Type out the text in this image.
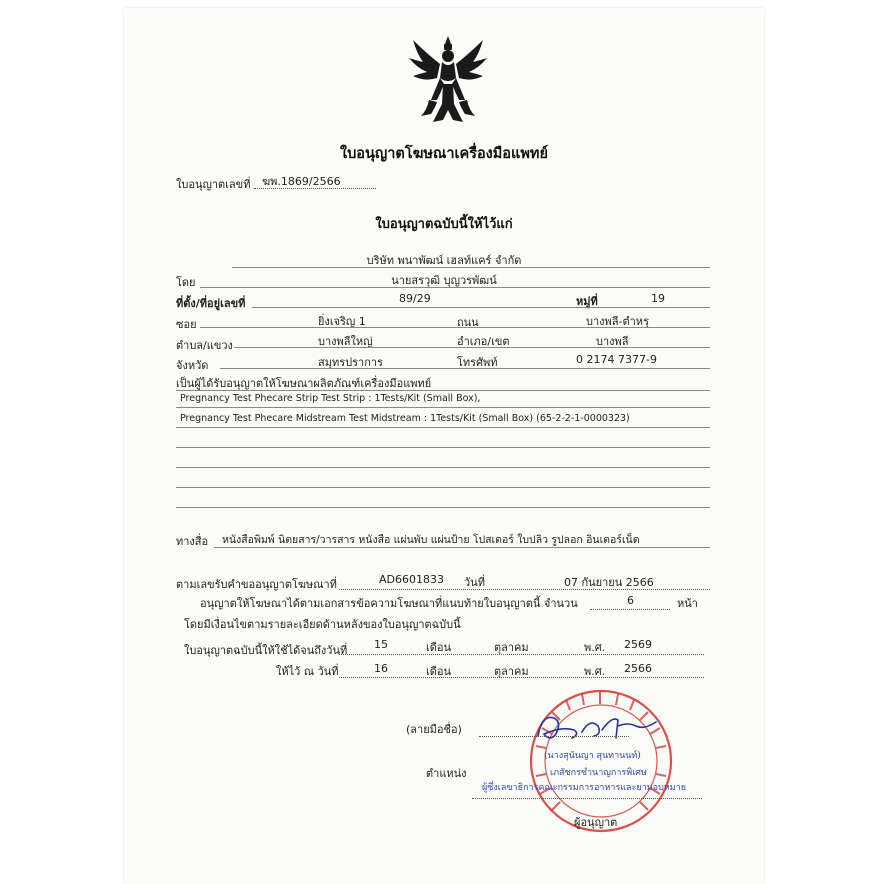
ใบอนุญาตโฆษณาเครื่องมือแพทย์
ใบอนุญาตเลขที่ ฆพ.1869/2566
ใบอนุญาตฉบับนี้ให้ไว้แก่
บริษัท พนาพัฒน์ เฮลท์แคร์ จำกัด
โดย	นายสรวุฒิ บุญวรพัฒน์
ที่ตั้ง/ที่อยู่เลขที่	89/29	หมู่ที่	19
ซอย	ยิ่งเจริญ 1	ถนน	บางพลี-ตำหรุ
ตำบล/แขวง	บางพลีใหญ่	อำเภอ/เขต	บางพลี
จังหวัด	สมุทรปราการ	โทรศัพท์	0 2174 7377-9
เป็นผู้ได้รับอนุญาตให้โฆษณาผลิตภัณฑ์เครื่องมือแพทย์
Pregnancy Test Phecare Strip Test Strip : 1Tests/Kit (Small Box),
Pregnancy Test Phecare Midstream Test Midstream : 1Tests/Kit (Small Box) (65-2-2-1-0000323)
ทางสื่อ หนังสือพิมพ์ นิตยสาร/วารสาร หนังสือ แผ่นพับ แผ่นป้าย โปสเตอร์ ใบปลิว รูปลอก อินเตอร์เน็ต
ตามเลขรับคำขออนุญาตโฆษณาที่	AD6601833 วันที่	07 กันยายน 2566
อนุญาตให้โฆษณาได้ตามเอกสารข้อความโฆษณาที่แนบท้ายใบอนุญาตนี้ จำนวน	6	หน้า
โดยมีเงื่อนไขตามรายละเอียดด้านหลังของใบอนุญาตฉบับนี้
ใบอนุญาตฉบับนี้ให้ใช้ได้จนถึงวันที่ 15	เดือน	ตุลาคม	พ.ศ. 2569
ให้ไว้ ณ วันที่	16	เดือน	ตุลาคม	พ.ศ. 2566
(ลายมือชื่อ)
(นางสุนันญา สุนทานนท์)
ตำแหน่ง	เภสัชกรชำนาญการพิเศษ
ผู้ซึ่งเลขาธิการคณะกรรมการอาหารและยามอบหมาย
ผู้อนุญาต
